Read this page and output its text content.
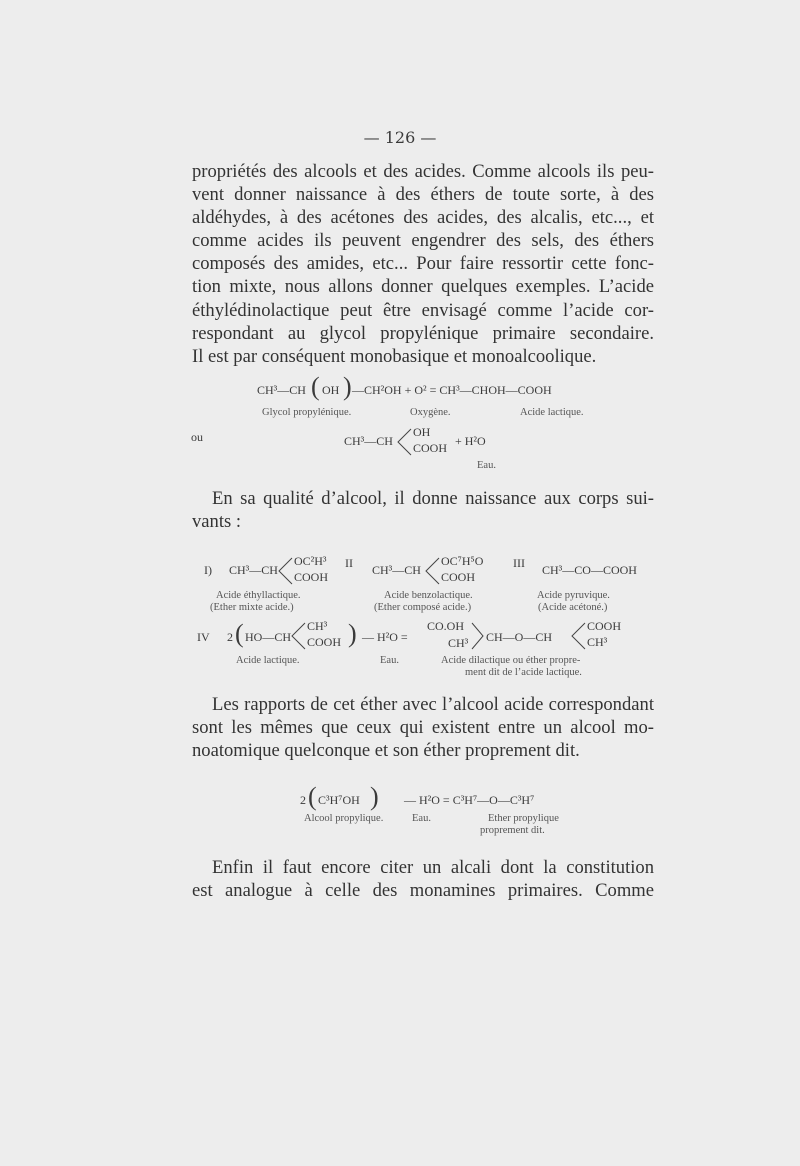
— 126 —
propriétés des alcools et des acides. Comme alcools ils peu-
vent donner naissance à des éthers de toute sorte, à des
aldéhydes, à des acétones des acides, des alcalis, etc..., et
comme acides ils peuvent engendrer des sels, des éthers
composés des amides, etc... Pour faire ressortir cette fonc-
tion mixte, nous allons donner quelques exemples. L’acide
éthylédinolactique peut être envisagé comme l’acide cor-
respondant au glycol propylénique primaire secondaire.
Il est par conséquent monobasique et monoalcoolique.
CH³—CH ( OH ) —CH²OH + O² = CH³—CHOH—COOH
Glycol propylénique.	Oxygène.	Acide lactique.
ou	CH³—CH
OH
COOH + H²O
Eau.
En sa qualité d’alcool, il donne naissance aux corps sui-
vants :
I) CH³—CH
OC²H³
COOH
II CH³—CH
OC⁷H⁵O
COOH
III CH³—CO—COOH
Acide éthyllactique.
(Ether mixte acide.)
Acide benzolactique.
(Ether composé acide.)
Acide pyruvique.
(Acide acétoné.)
IV 2 ( HO—CH
CH³
COOH ) — H²O =
CO.OH
CH³ CH—O—CH
COOH
CH³
Acide lactique.	Eau.	Acide dilactique ou éther propre-
ment dit de l’acide lactique.
Les rapports de cet éther avec l’alcool acide correspondant
sont les mêmes que ceux qui existent entre un alcool mo-
noatomique quelconque et son éther proprement dit.
2 ( C³H⁷OH ) — H²O = C³H⁷—O—C³H⁷
Alcool propylique.	Eau.	Ether propylique
proprement dit.
Enfin il faut encore citer un alcali dont la constitution
est analogue à celle des monamines primaires. Comme
